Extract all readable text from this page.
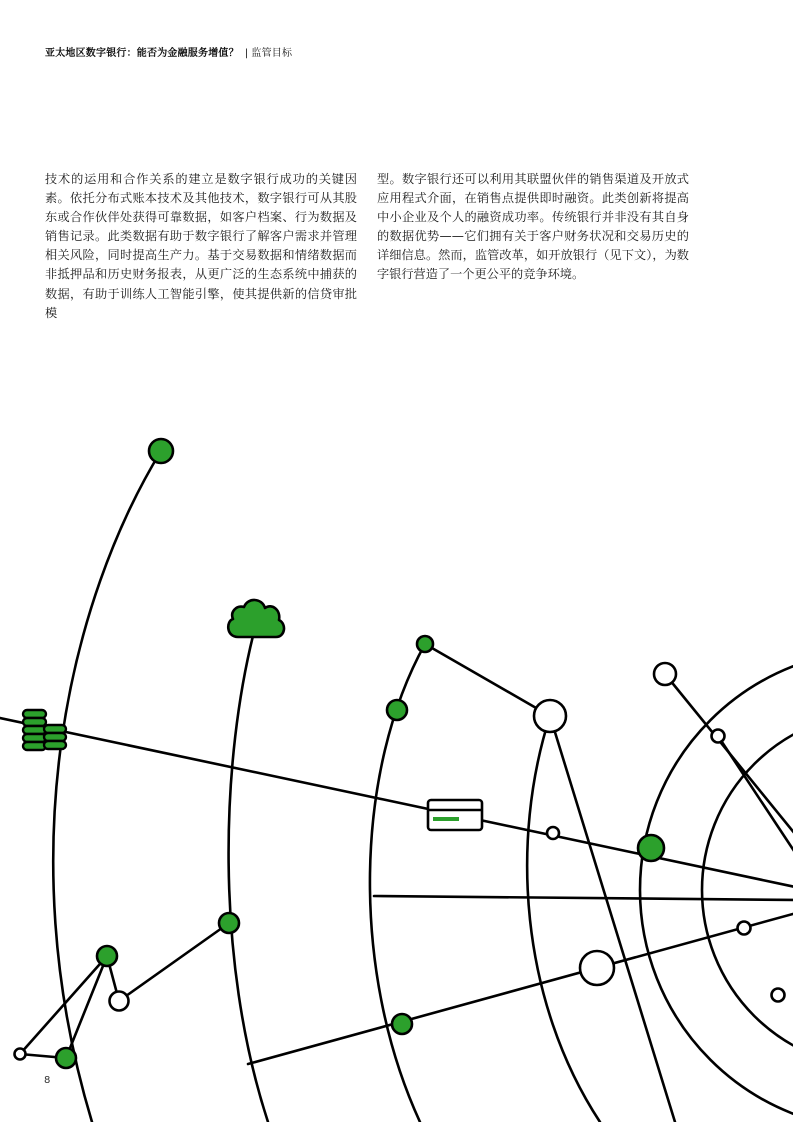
亚太地区数字银行：能否为金融服务增值？ | 监管目标
技术的运用和合作关系的建立是数字银行成功的关键因素。依托分布式账本技术及其他技术，数字银行可从其股东或合作伙伴处获得可靠数据，如客户档案、行为数据及销售记录。此类数据有助于数字银行了解客户需求并管理相关风险，同时提高生产力。基于交易数据和情绪数据而非抵押品和历史财务报表，从更广泛的生态系统中捕获的数据，有助于训练人工智能引擎，使其提供新的信贷审批模
型。数字银行还可以利用其联盟伙伴的销售渠道及开放式应用程式介面，在销售点提供即时融资。此类创新将提高中小企业及个人的融资成功率。传统银行并非没有其自身的数据优势——它们拥有关于客户财务状况和交易历史的详细信息。然而，监管改革，如开放银行（见下文），为数字银行营造了一个更公平的竞争环境。
8
